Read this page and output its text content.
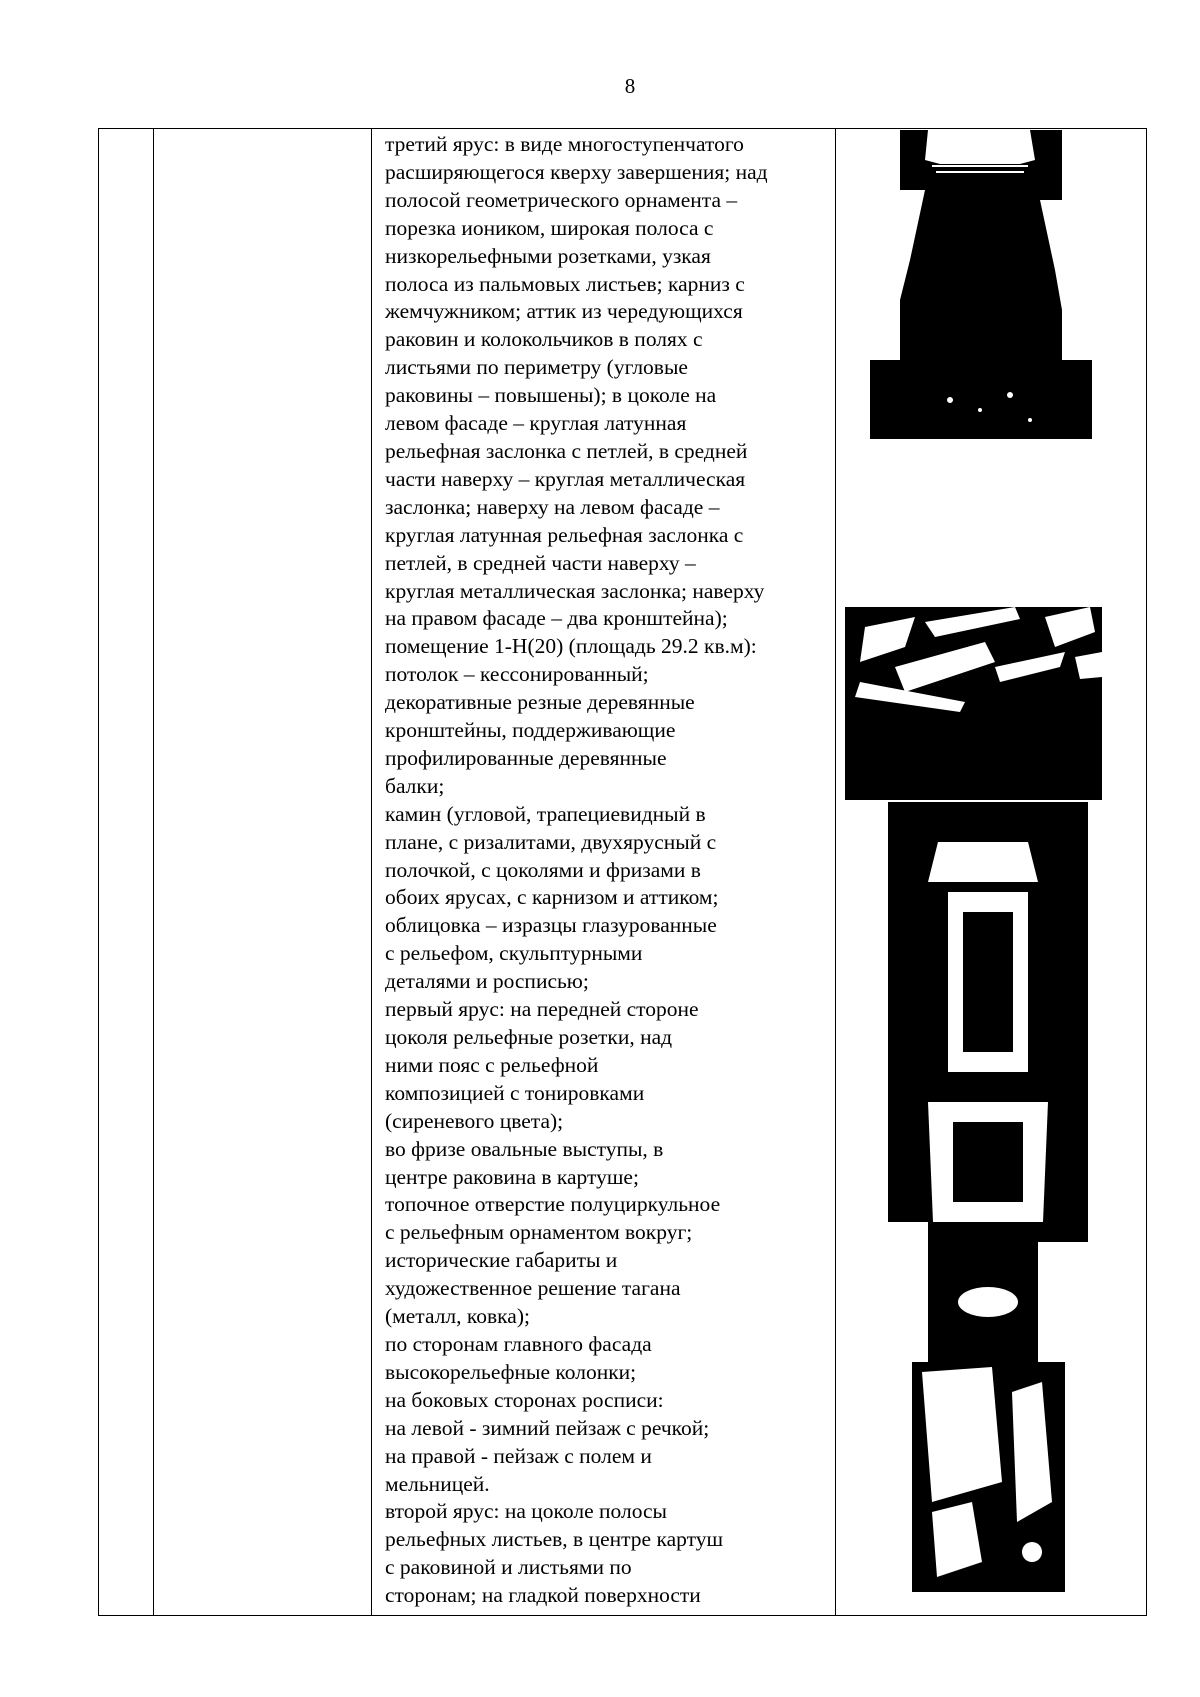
8
третий ярус: в виде многоступенчатого
расширяющегося кверху завершения; над
полосой геометрического орнамента –
порезка иоником, широкая полоса с
низкорельефными розетками, узкая
полоса из пальмовых листьев; карниз с
жемчужником; аттик из чередующихся
раковин и колокольчиков в полях с
листьями по периметру (угловые
раковины – повышены); в цоколе на
левом фасаде – круглая латунная
рельефная заслонка с петлей, в средней
части наверху – круглая металлическая
заслонка; наверху на левом фасаде –
круглая латунная рельефная заслонка с
петлей, в средней части наверху –
круглая металлическая заслонка; наверху
на правом фасаде – два кронштейна);
помещение 1-Н(20) (площадь 29.2 кв.м):
потолок – кессонированный;
декоративные резные деревянные
кронштейны, поддерживающие
профилированные деревянные
балки;
камин (угловой, трапециевидный в
плане, с ризалитами, двухярусный с
полочкой, с цоколями и фризами в
обоих ярусах, с карнизом и аттиком;
облицовка – изразцы глазурованные
с рельефом, скульптурными
деталями и росписью;
первый ярус: на передней стороне
цоколя рельефные розетки, над
ними пояс с рельефной
композицией с тонировками
(сиреневого цвета);
во фризе овальные выступы, в
центре раковина в картуше;
топочное отверстие полуциркульное
с рельефным орнаментом вокруг;
исторические габариты и
художественное решение тагана
(металл, ковка);
по сторонам главного фасада
высокорельефные колонки;
на боковых сторонах росписи:
на левой - зимний пейзаж с речкой;
на правой - пейзаж с полем и
мельницей.
второй ярус: на цоколе полосы
рельефных листьев, в центре картуш
с раковиной и листьями по
сторонам; на гладкой поверхности
